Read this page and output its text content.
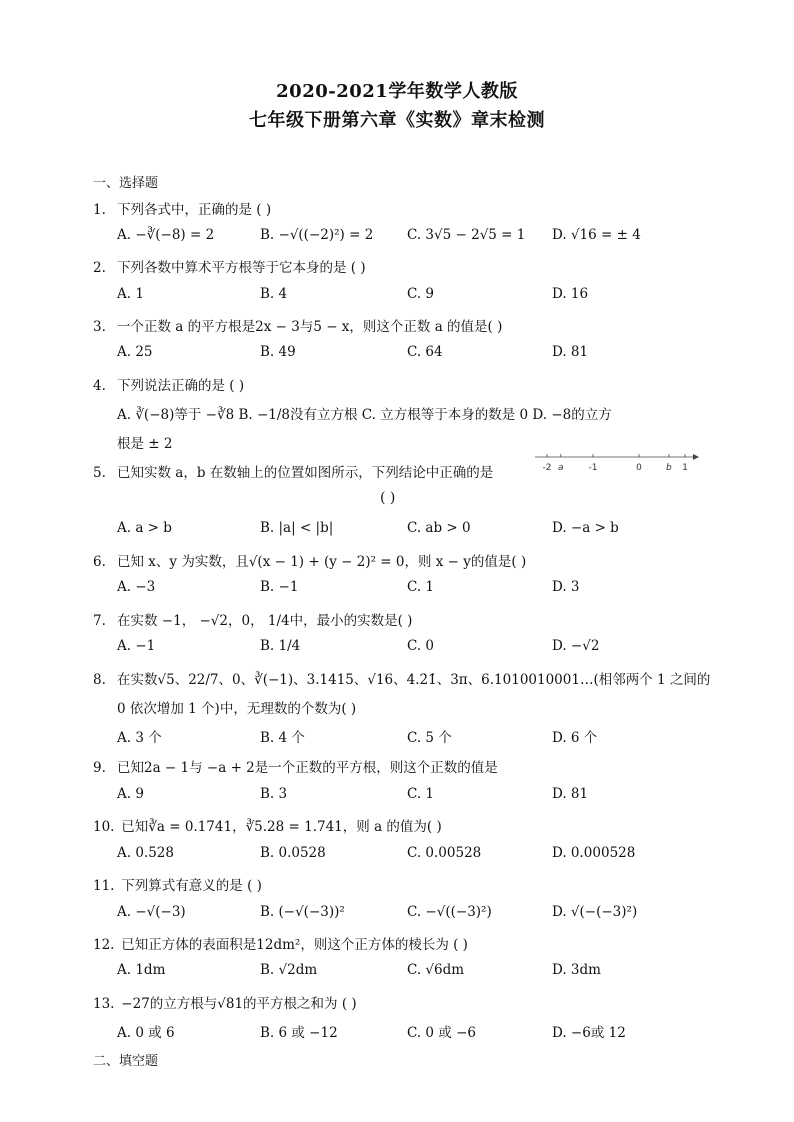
2020-2021学年数学人教版
七年级下册第六章《实数》章末检测
一、选择题
1. 下列各式中，正确的是 ( )
A. −∛(−8) = 2	B. −√((−2)²) = 2 C. 3√5 − 2√5 = 1 D. √16 = ± 4
2. 下列各数中算术平方根等于它本身的是 ( )
A. 1	B. 4	C. 9	D. 16
3. 一个正数 a 的平方根是2x − 3与5 − x，则这个正数 a 的值是( )
A. 25	B. 49	C. 64	D. 81
4. 下列说法正确的是 ( )
A. ∛(−8)等于 −∛8 B. −1/8没有立方根 C. 立方根等于本身的数是 0 D. −8的立方
根是 ± 2
5. 已知实数 a，b 在数轴上的位置如图所示，下列结论中正确的是	-2 a	-1	0	b 1
( )
A. a > b	B. |a| < |b|	C. ab > 0	D. −a > b
6. 已知 x、y 为实数，且√(x − 1) + (y − 2)² = 0，则 x − y的值是( )
A. −3	B. −1	C. 1	D. 3
7. 在实数 −1， −√2，0， 1/4中，最小的实数是( )
A. −1	B. 1/4	C. 0	D. −√2
8. 在实数√5、22/7、0、∛(−1)、3.1415、√16、4.2̇1̇、3π、6.1010010001…(相邻两个 1 之间的
0 依次增加 1 个)中，无理数的个数为( )
A. 3 个	B. 4 个	C. 5 个	D. 6 个
9. 已知2a − 1与 −a + 2是一个正数的平方根，则这个正数的值是
A. 9	B. 3	C. 1	D. 81
10. 已知∛a = 0.1741，∛5.28 = 1.741，则 a 的值为( )
A. 0.528	B. 0.0528	C. 0.00528	D. 0.000528
11. 下列算式有意义的是 ( )
A. −√(−3)	B. (−√(−3))²	C. −√((−3)²)	D. √(−(−3)²)
12. 已知正方体的表面积是12dm²，则这个正方体的棱长为 ( )
A. 1dm	B. √2dm	C. √6dm	D. 3dm
13. −27的立方根与√81的平方根之和为 ( )
A. 0 或 6	B. 6 或 −12	C. 0 或 −6	D. −6或 12
二、填空题
